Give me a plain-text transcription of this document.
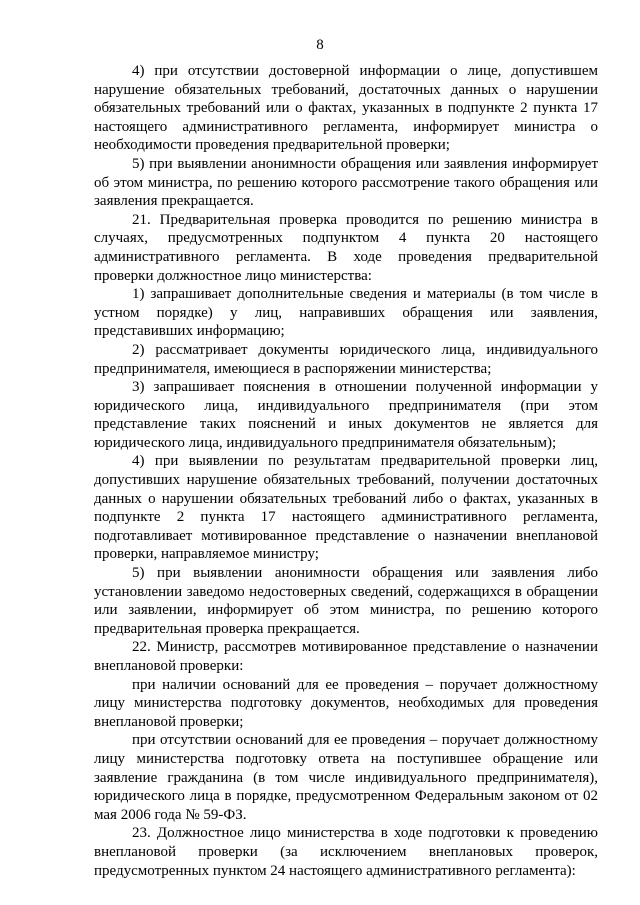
8

4) при отсутствии достоверной информации о лице, допустившем нарушение обязательных требований, достаточных данных о нарушении обязательных требований или о фактах, указанных в подпункте 2 пункта 17 настоящего административного регламента, информирует министра о необходимости проведения предварительной проверки;

5) при выявлении анонимности обращения или заявления информирует об этом министра, по решению которого рассмотрение такого обращения или заявления прекращается.

21. Предварительная проверка проводится по решению министра в случаях, предусмотренных подпунктом 4 пункта 20 настоящего административного регламента. В ходе проведения предварительной проверки должностное лицо министерства:

1) запрашивает дополнительные сведения и материалы (в том числе в устном порядке) у лиц, направивших обращения или заявления, представивших информацию;

2) рассматривает документы юридического лица, индивидуального предпринимателя, имеющиеся в распоряжении министерства;

3) запрашивает пояснения в отношении полученной информации у юридического лица, индивидуального предпринимателя (при этом представление таких пояснений и иных документов не является для юридического лица, индивидуального предпринимателя обязательным);

4) при выявлении по результатам предварительной проверки лиц, допустивших нарушение обязательных требований, получении достаточных данных о нарушении обязательных требований либо о фактах, указанных в подпункте 2 пункта 17 настоящего административного регламента, подготавливает мотивированное представление о назначении внеплановой проверки, направляемое министру;

5) при выявлении анонимности обращения или заявления либо установлении заведомо недостоверных сведений, содержащихся в обращении или заявлении, информирует об этом министра, по решению которого предварительная проверка прекращается.

22. Министр, рассмотрев мотивированное представление о назначении внеплановой проверки:

при наличии оснований для ее проведения – поручает должностному лицу министерства подготовку документов, необходимых для проведения внеплановой проверки;

при отсутствии оснований для ее проведения – поручает должностному лицу министерства подготовку ответа на поступившее обращение или заявление гражданина (в том числе индивидуального предпринимателя), юридического лица в порядке, предусмотренном Федеральным законом от 02 мая 2006 года № 59-ФЗ.

23. Должностное лицо министерства в ходе подготовки к проведению внеплановой проверки (за исключением внеплановых проверок, предусмотренных пунктом 24 настоящего административного регламента):
